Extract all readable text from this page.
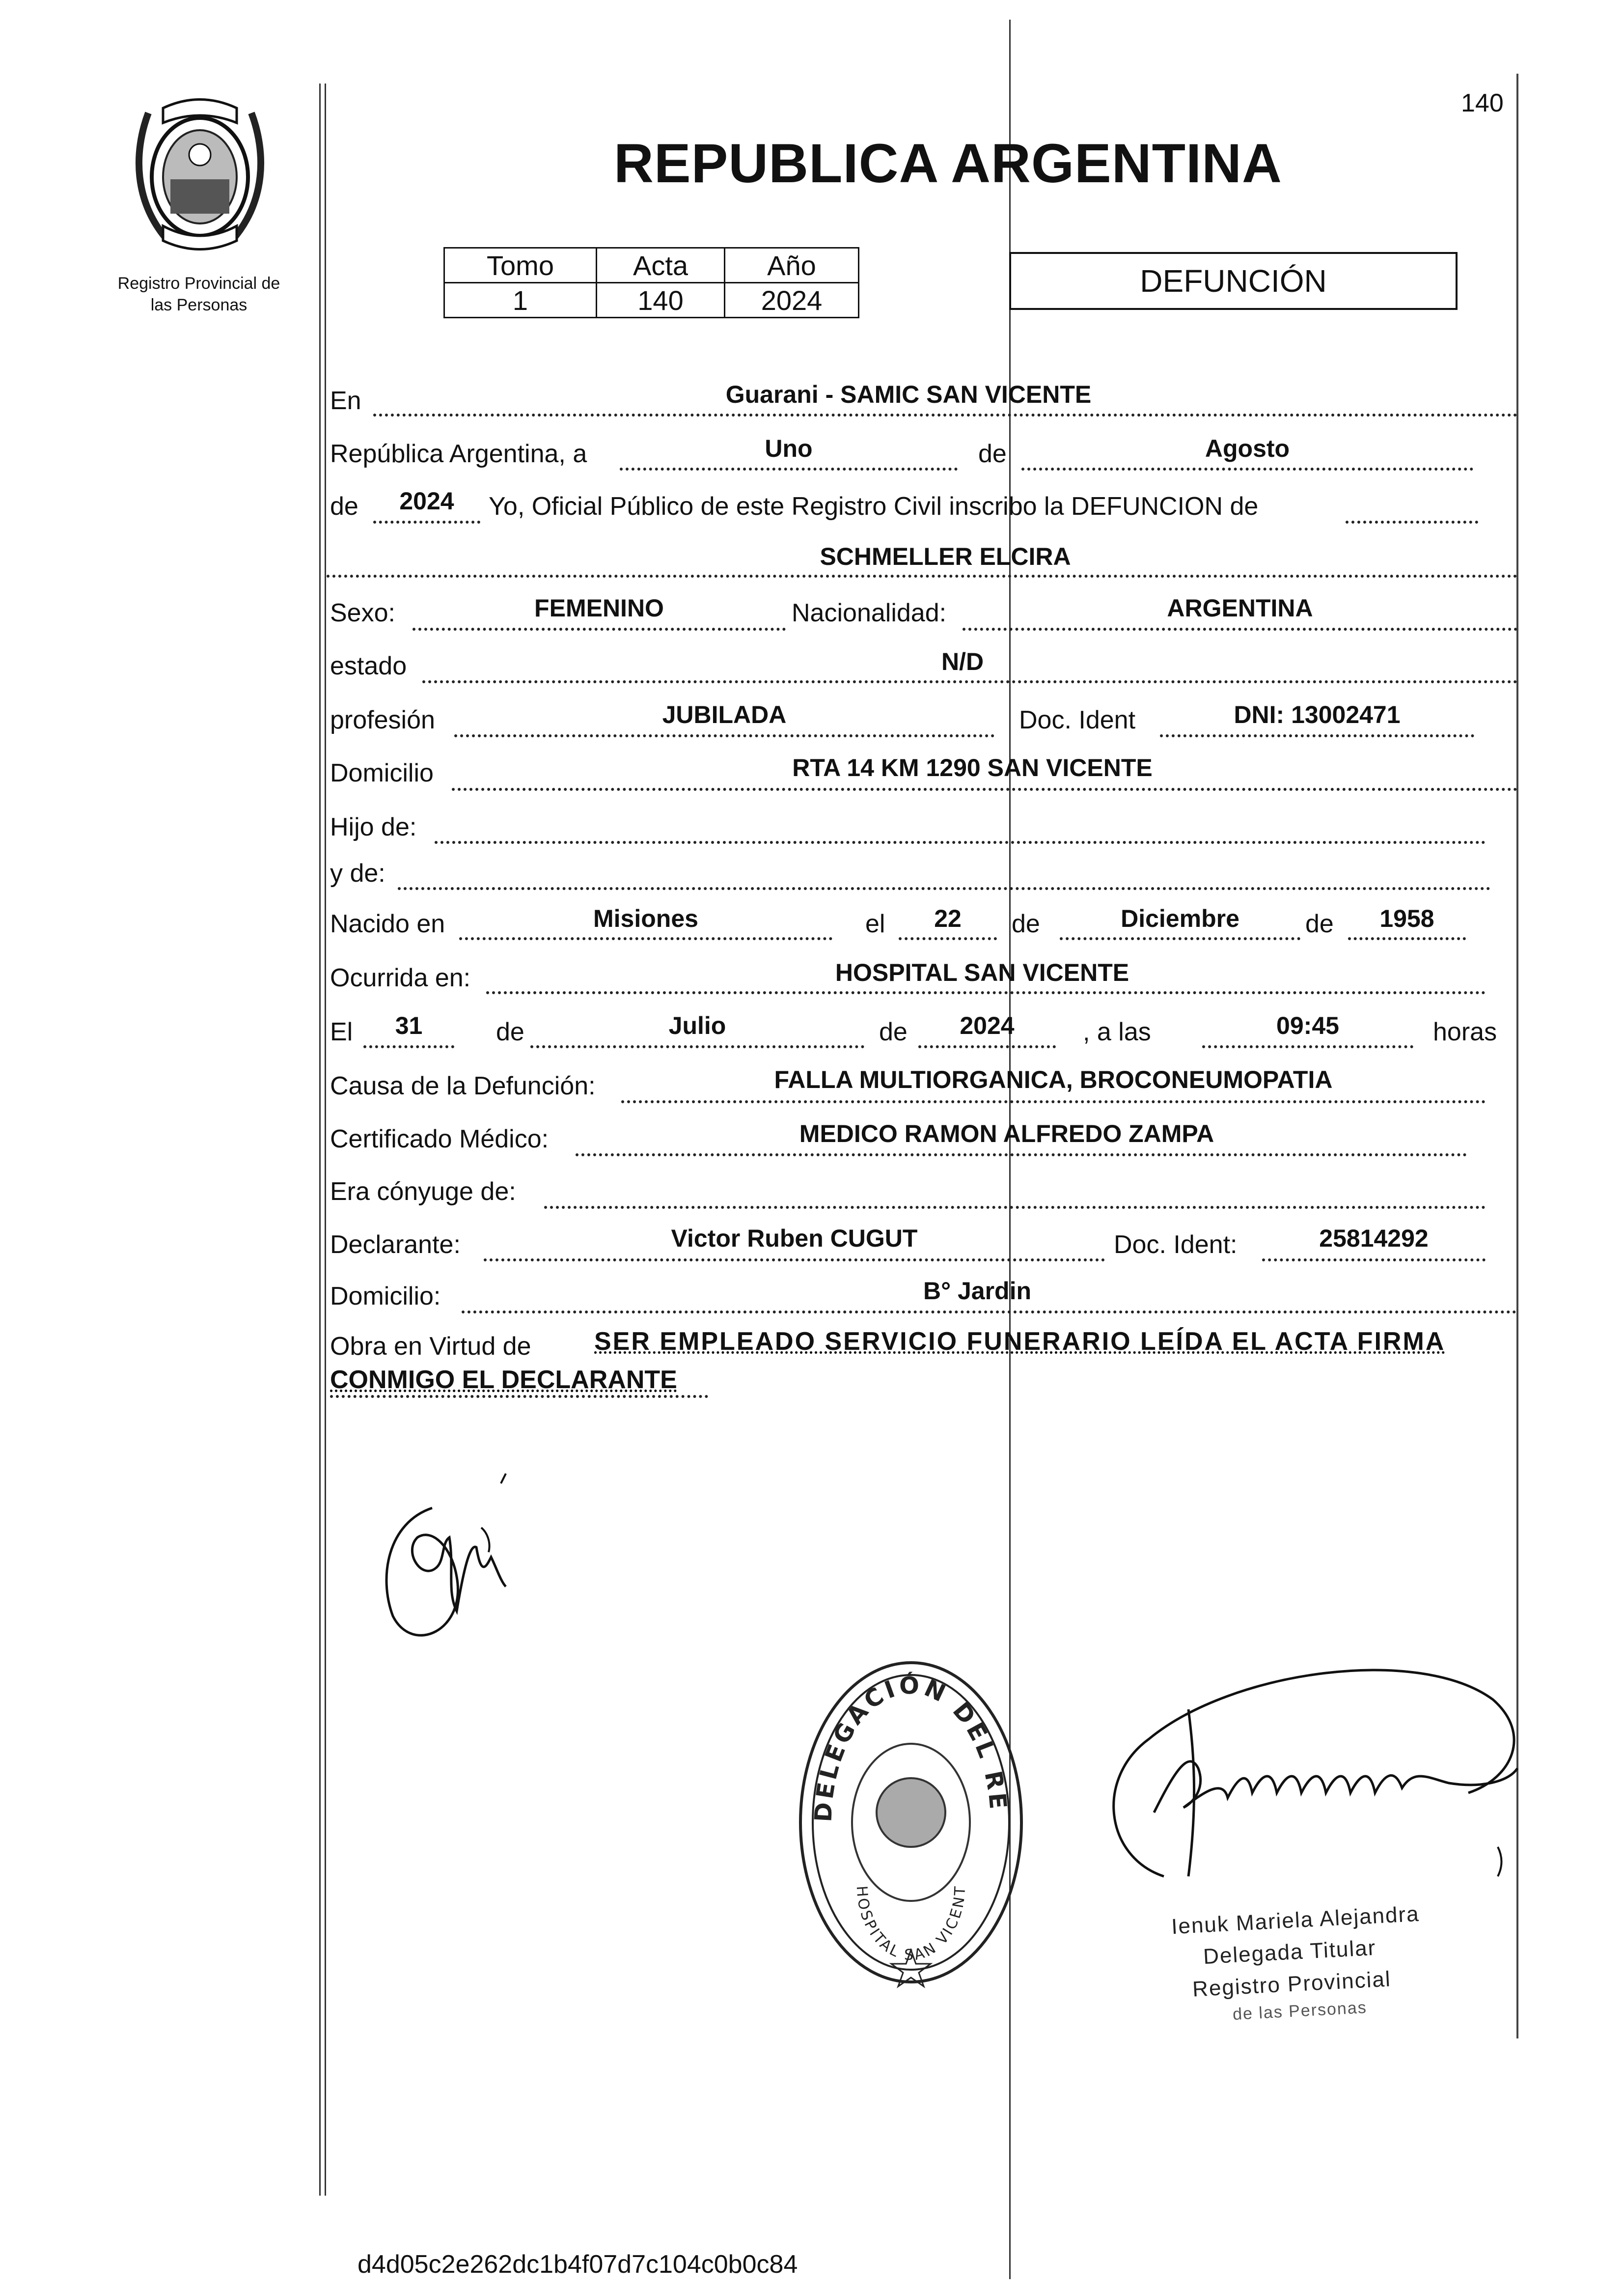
Registro Provincial de
las Personas
140
REPUBLICA ARGENTINA
Tomo	Acta	Año
1	140	2024
DEFUNCIÓN
En	Guarani - SAMIC SAN VICENTE
República Argentina, a	Uno	de	Agosto
de	2024	Yo, Oficial Público de este Registro Civil inscribo la DEFUNCION de
SCHMELLER ELCIRA
Sexo:	FEMENINO	Nacionalidad:	ARGENTINA
estado	N/D
profesión	JUBILADA	Doc. Ident	DNI: 13002471
Domicilio	RTA 14 KM 1290 SAN VICENTE
Hijo de:
y de:
Nacido en	Misiones	el	22	de	Diciembre	de	1958
Ocurrida en:	HOSPITAL SAN VICENTE
El	31	de	Julio	de	2024	, a las	09:45	horas
Causa de la Defunción:	FALLA MULTIORGANICA, BROCONEUMOPATIA
Certificado Médico:	MEDICO RAMON ALFREDO ZAMPA
Era cónyuge de:
Declarante:	Victor Ruben CUGUT	Doc. Ident:	25814292
Domicilio:	B° Jardin
Obra en Virtud de SER EMPLEADO SERVICIO FUNERARIO LEÍDA EL ACTA FIRMA
CONMIGO EL DECLARANTE
DELEGACIÓN DEL RE
HOSPITAL SAN VICENT
Ienuk Mariela Alejandra
Delegada Titular
Registro Provincial
de las Personas
d4d05c2e262dc1b4f07d7c104c0b0c84
